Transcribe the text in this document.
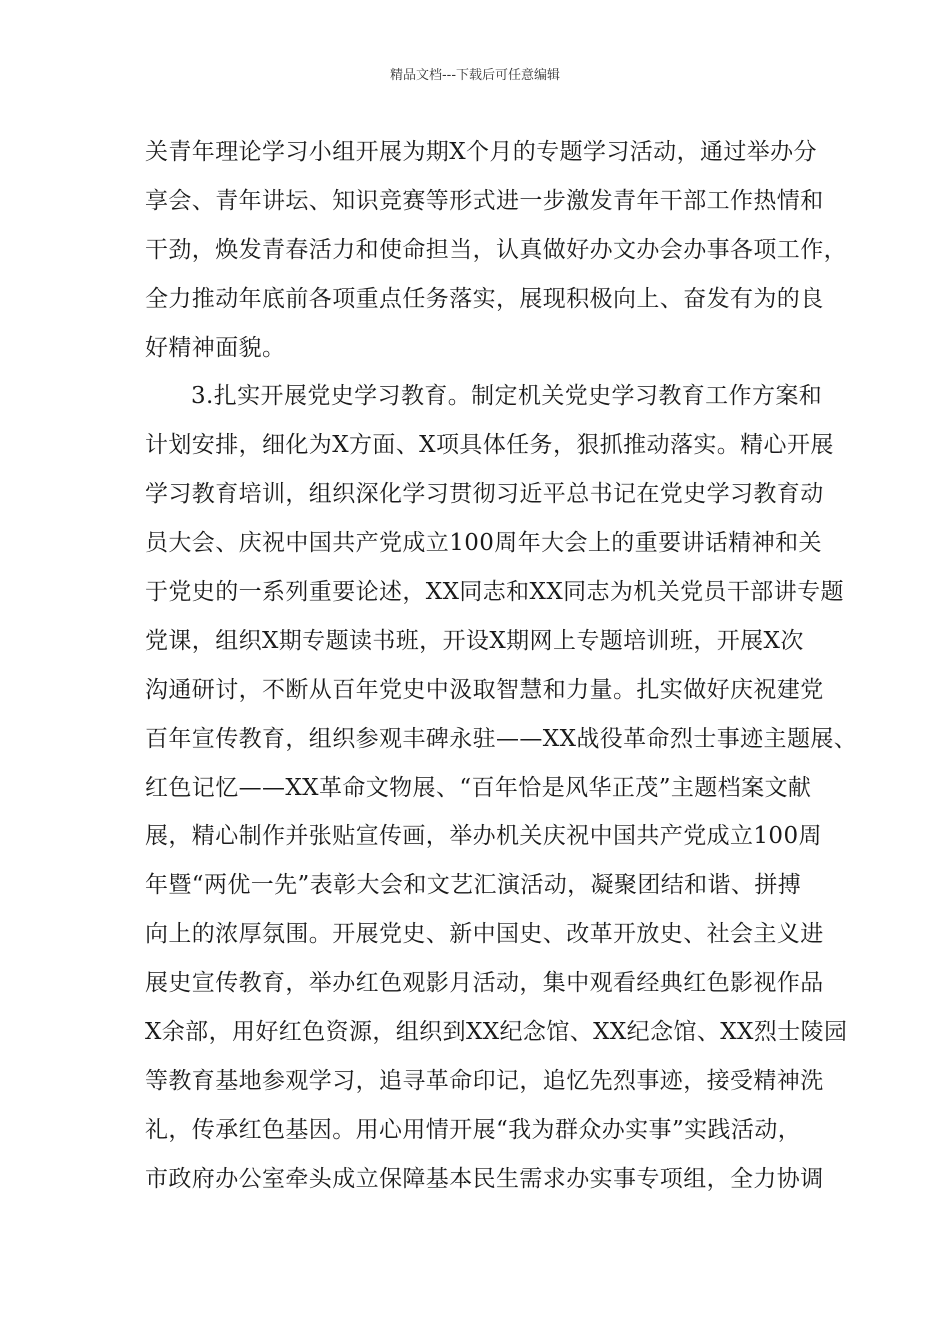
精品文档---下载后可任意编辑
关青年理论学习小组开展为期X个月的专题学习活动，通过举办分
享会、青年讲坛、知识竞赛等形式进一步激发青年干部工作热情和
干劲，焕发青春活力和使命担当，认真做好办文办会办事各项工作，
全力推动年底前各项重点任务落实，展现积极向上、奋发有为的良
好精神面貌。
3.扎实开展党史学习教育。制定机关党史学习教育工作方案和
计划安排，细化为X方面、X项具体任务，狠抓推动落实。精心开展
学习教育培训，组织深化学习贯彻习近平总书记在党史学习教育动
员大会、庆祝中国共产党成立100周年大会上的重要讲话精神和关
于党史的一系列重要论述，XX同志和XX同志为机关党员干部讲专题
党课，组织X期专题读书班，开设X期网上专题培训班，开展X次
沟通研讨，不断从百年党史中汲取智慧和力量。扎实做好庆祝建党
百年宣传教育，组织参观丰碑永驻——XX战役革命烈士事迹主题展、
红色记忆——XX革命文物展、“百年恰是风华正茂”主题档案文献
展，精心制作并张贴宣传画，举办机关庆祝中国共产党成立100周
年暨“两优一先”表彰大会和文艺汇演活动，凝聚团结和谐、拼搏
向上的浓厚氛围。开展党史、新中国史、改革开放史、社会主义进
展史宣传教育，举办红色观影月活动，集中观看经典红色影视作品
X余部，用好红色资源，组织到XX纪念馆、XX纪念馆、XX烈士陵园
等教育基地参观学习，追寻革命印记，追忆先烈事迹，接受精神洗
礼，传承红色基因。用心用情开展“我为群众办实事”实践活动，
市政府办公室牵头成立保障基本民生需求办实事专项组，全力协调
